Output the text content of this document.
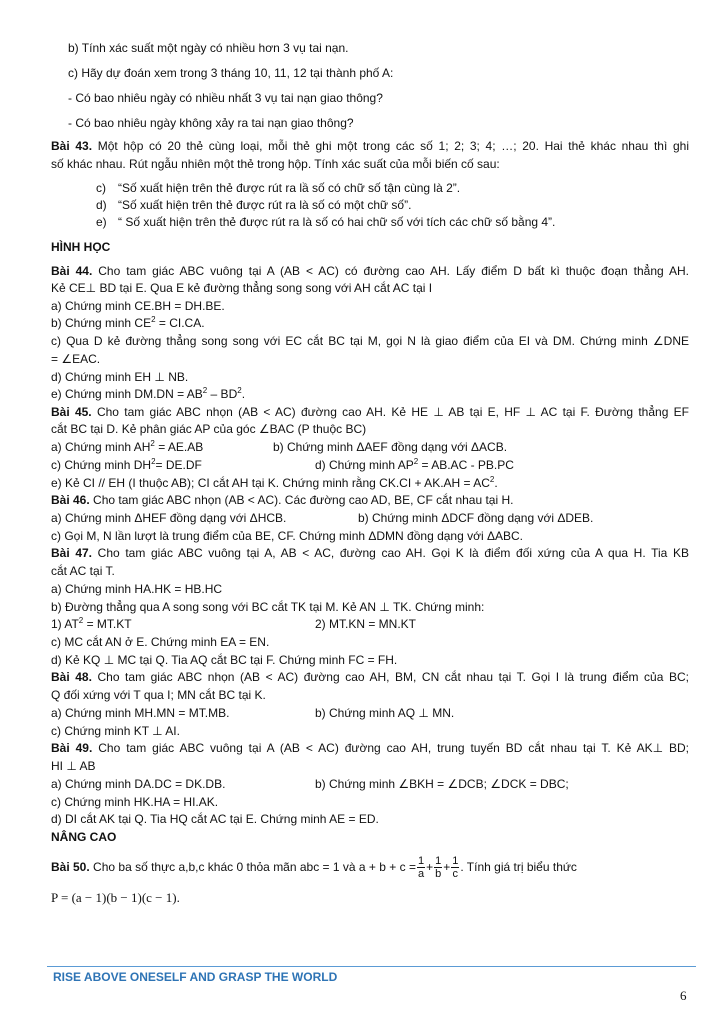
b) Tính xác suất một ngày có nhiều hơn 3 vụ tai nạn.
c) Hãy dự đoán xem trong 3 tháng 10, 11, 12 tại thành phố A:
- Có bao nhiêu ngày có nhiều nhất 3 vụ tai nạn giao thông?
- Có bao nhiêu ngày không xảy ra tai nạn giao thông?
Bài 43. Một hộp có 20 thẻ cùng loại, mỗi thẻ ghi một trong các số 1; 2; 3; 4; …; 20. Hai thẻ khác nhau thì ghi
số khác nhau. Rút ngẫu nhiên một thẻ trong hộp. Tính xác suất của mỗi biến cố sau:
c) “Số xuất hiện trên thẻ được rút ra lầ số có chữ số tận cùng là 2”.
d) “Số xuất hiện trên thẻ được rút ra là số có một chữ số”.
e) “ Số xuất hiện trên thẻ được rút ra là số có hai chữ số với tích các chữ số bằng 4”.
HÌNH HỌC
Bài 44. Cho tam giác ABC vuông tại A (AB < AC) có đường cao AH. Lấy điểm D bất kì thuộc đoạn thẳng AH.
Kẻ CE⊥ BD tại E. Qua E kẻ đường thẳng song song với AH cắt AC tại I
a) Chứng minh CE.BH = DH.BE.
b) Chứng minh $CE^2 = CI.CA$.
c) Qua D kẻ đường thẳng song song với EC cắt BC tại M, gọi N là giao điểm của EI và DM. Chứng minh ∠DNE
= ∠EAC.
d) Chứng minh EH ⊥ NB.
e) Chứng minh $DM.DN = AB^2 - BD^2$.
Bài 45. Cho tam giác ABC nhọn (AB < AC) đường cao AH. Kẻ HE ⊥ AB tại E, HF ⊥ AC tại F. Đường thẳng EF
cắt BC tại D. Kẻ phân giác AP của góc ∠BAC (P thuộc BC)
a) Chứng minh $AH^2 = AE.AB$	b) Chứng minh ΔAEF đồng dạng với ΔACB.
c) Chứng minh $DH^2= DE.DF$	d) Chứng minh $AP^2 = AB.AC - PB.PC$
e) Kẻ CI // EH (I thuộc AB); CI cắt AH tại K. Chứng minh rằng $CK.CI + AK.AH = AC^2$.
Bài 46. Cho tam giác ABC nhọn (AB < AC). Các đường cao AD, BE, CF cắt nhau tại H.
a) Chứng minh ΔHEF đồng dạng với ΔHCB.	b) Chứng minh ΔDCF đồng dạng với ΔDEB.
c) Gọi M, N lần lượt là trung điểm của BE, CF. Chứng minh ΔDMN đồng dạng với ΔABC.
Bài 47. Cho tam giác ABC vuông tại A, AB < AC, đường cao AH. Gọi K là điểm đối xứng của A qua H. Tia KB
cắt AC tại T.
a) Chứng minh HA.HK = HB.HC
b) Đường thẳng qua A song song với BC cắt TK tại M. Kẻ AN ⊥ TK. Chứng minh:
1) $AT^2 = MT.KT$	2) MT.KN = MN.KT
c) MC cắt AN ở E. Chứng minh EA = EN.
d) Kẻ KQ ⊥ MC tại Q. Tia AQ cắt BC tại F. Chứng minh FC = FH.
Bài 48. Cho tam giác ABC nhọn (AB < AC) đường cao AH, BM, CN cắt nhau tại T. Gọi I là trung điểm của BC;
Q đối xứng với T qua I; MN cắt BC tại K.
a) Chứng minh MH.MN = MT.MB.	b) Chứng minh AQ ⊥ MN.
c) Chứng minh KT ⊥ AI.
Bài 49. Cho tam giác ABC vuông tại A (AB < AC) đường cao AH, trung tuyến BD cắt nhau tại T. Kẻ AK⊥ BD;
HI ⊥ AB
a) Chứng minh DA.DC = DK.DB.	b) Chứng minh ∠BKH = ∠DCB; ∠DCK = DBC;
c) Chứng minh HK.HA = HI.AK.
d) DI cắt AK tại Q. Tia HQ cắt AC tại E. Chứng minh AE = ED.
NÂNG CAO
Bài 50. Cho ba số thực a,b,c khác 0 thỏa mãn abc = 1 và $a + b + c = \frac{1}{a} + \frac{1}{b} + \frac{1}{c}$ . Tính giá trị biểu thức
P = (a − 1)(b − 1)(c − 1).
RISE ABOVE ONESELF AND GRASP THE WORLD
6
